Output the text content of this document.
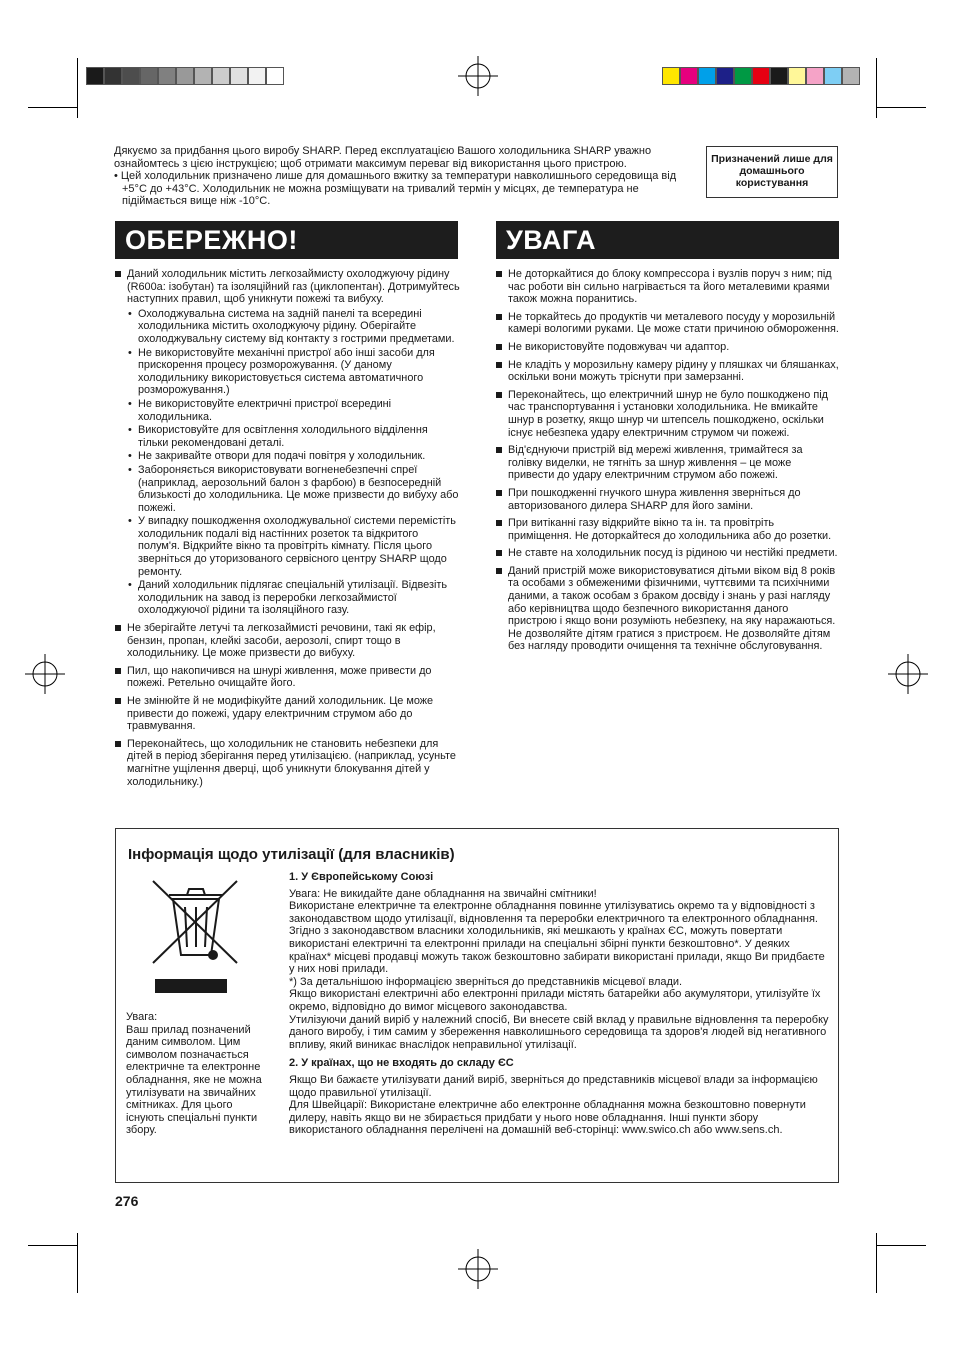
Дякуємо за придбання цього виробу SHARP. Перед експлуатацією Вашого холодильника SHARP уважно ознайомтесь з цією інструкцією; щоб отримати максимум переваг від використання цього пристрою.

• Цей холодильник призначено лише для домашнього вжитку за температури навколишнього середовища від +5°C до +43°C. Холодильник не можна розміщувати на тривалий термін у місцях, де температура не підіймається вище ніж -10°C.

Призначений лише для домашнього користування
ОБЕРЕЖНО!	УВАГА
Даний холодильник містить легкозаймисту охолоджуючу рідину (R600a: ізобутан) та ізоляційний газ (циклопентан). Дотримуйтесь наступних правил, щоб уникнути пожежі та вибуху.
• Охолоджувальна система на задній панелі та всередині холодильника містить охолоджуючу рідину. Оберігайте охолоджувальну систему від контакту з гострими предметами.
• Не використовуйте механічні пристрої або інші засоби для прискорення процесу розморожування. (У даному холодильнику використовується система автоматичного розморожування.)
• Не використовуйте електричні пристрої всередині холодильника.
• Використовуйте для освітлення холодильного відділення тільки рекомендовані деталі.
• Не закривайте отвори для подачі повітря у холодильник.
• Забороняється використовувати вогненебезпечні спреї (наприклад, аерозольний балон з фарбою) в безпосередній близькості до холодильника. Це може призвести до вибуху або пожежі.
• У випадку пошкодження охолоджувальної системи перемістіть холодильник подалі від настінних розеток та відкритого полум'я. Відкрийте вікно та провітріть кімнату. Після цього зверніться до уторизованого сервісного центру SHARP щодо ремонту.
• Даний холодильник підлягає спеціальній утилізації. Відвезіть холодильник на завод із переробки легкозаймистої охолоджуючої рідини та ізоляційного газу.
Не зберігайте летучі та легкозаймисті речовини, такі як ефір, бензин, пропан, клейкі засоби, аерозолі, спирт тощо в холодильнику. Це може призвести до вибуху.
Пил, що накопичився на шнурі живлення, може привести до пожежі. Ретельно очищайте його.
Не змінюйте й не модифікуйте даний холодильник. Це може привести до пожежі, удару електричним струмом або до травмування.
Переконайтесь, що холодильник не становить небезпеки для дітей в період зберігання перед утилізацією. (наприклад, усуньте магнітне ущілення дверці, щоб уникнути блокування дітей у холодильнику.)
Не доторкайтися до блоку компрессора і вузлів поруч з ним; під час роботи він сильно нагрівається та його металевими краями також можна поранитись.
Не торкайтесь до продуктів чи металевого посуду у морозильній камері вологими руками. Це може стати причиною обмороження.
Не використовуйте подовжувач чи адаптор.
Не кладіть у морозильну камеру рідину у пляшках чи бляшанках, оскільки вони можуть тріснути при замерзанні.
Переконайтесь, що електричний шнур не було пошкоджено під час транспортування і установки холодильника. Не вмикайте шнур в розетку, якщо шнур чи штепсель пошкоджено, оскільки існує небезпека удару електричним струмом чи пожежі.
Від'єднуючи пристрій від мережі живлення, тримайтеся за голівку виделки, не тягніть за шнур живлення – це може привести до удару електричним струмом або пожежі.
При пошкодженні гнучкого шнура живлення зверніться до авторизованого дилера SHARP для його заміни.
При витіканні газу відкрийте вікно та ін. та провітріть приміщення. Не доторкайтеся до холодильника або до розетки.
Не ставте на холодильник посуд із рідиною чи нестійкі предмети.
Даний пристрій може використовуватися дітьми віком від 8 років та особами з обмеженими фізичними, чуттєвими та психічними даними, а також особам з браком досвіду і знань у разі нагляду або керівництва щодо безпечного використання даного пристрою і якщо вони розуміють небезпеку, на яку наражаються. Не дозволяйте дітям гратися з пристроєм. Не дозволяйте дітям без нагляду проводити очищення та технічне обслуговування.
Інформація щодо утилізації (для власників)
Увага:
Ваш прилад позначений даним символом. Цим символом позначається електричне та електронне обладнання, яке не можна утилізувати на звичайних смітниках. Для цього існують спеціальні пункти збору.
1. У Європейському Союзі

Увага: Не викидайте дане обладнання на звичайні смітники!

Використане електричне та електронне обладнання повинне утилізуватись окремо та у відповідності з законодавством щодо утилізації, відновлення та переробки електричного та електронного обладнання.

Згідно з законодавством власники холодильників, які мешкають у країнах ЄС, можуть повертати використані електричні та електронні прилади на спеціальні збірні пункти безкоштовно*. У деяких країнах* місцеві продавці можуть також безкоштовно забирати використані прилади, якщо Ви придбаєте у них нові прилади.

*) За детальнішою інформацією зверніться до представників місцевої влади.

Якщо використані електричні або електронні прилади містять батарейки або акумулятори, утилізуйте їх окремо, відповідно до вимог місцевого законодавства.

Утилізуючи даний виріб у належний спосіб, Ви внесете свій вклад у правильне відновлення та переробку даного виробу, і тим самим у збереження навколишнього середовища та здоров'я людей від негативного впливу, який виникає внаслідок неправильної утилізації.

2. У країнах, що не входять до складу ЄС

Якщо Ви бажаєте утилізувати даний виріб, зверніться до представників місцевої влади за інформацією щодо правильної утилізації.

Для Швейцарії: Використане електричне або електронне обладнання можна безкоштовно повернути дилеру, навіть якщо ви не збирається придбати у нього нове обладнання. Інші пункти збору використаного обладнання перелічені на домашній веб-сторінці: www.swico.ch або www.sens.ch.

276
